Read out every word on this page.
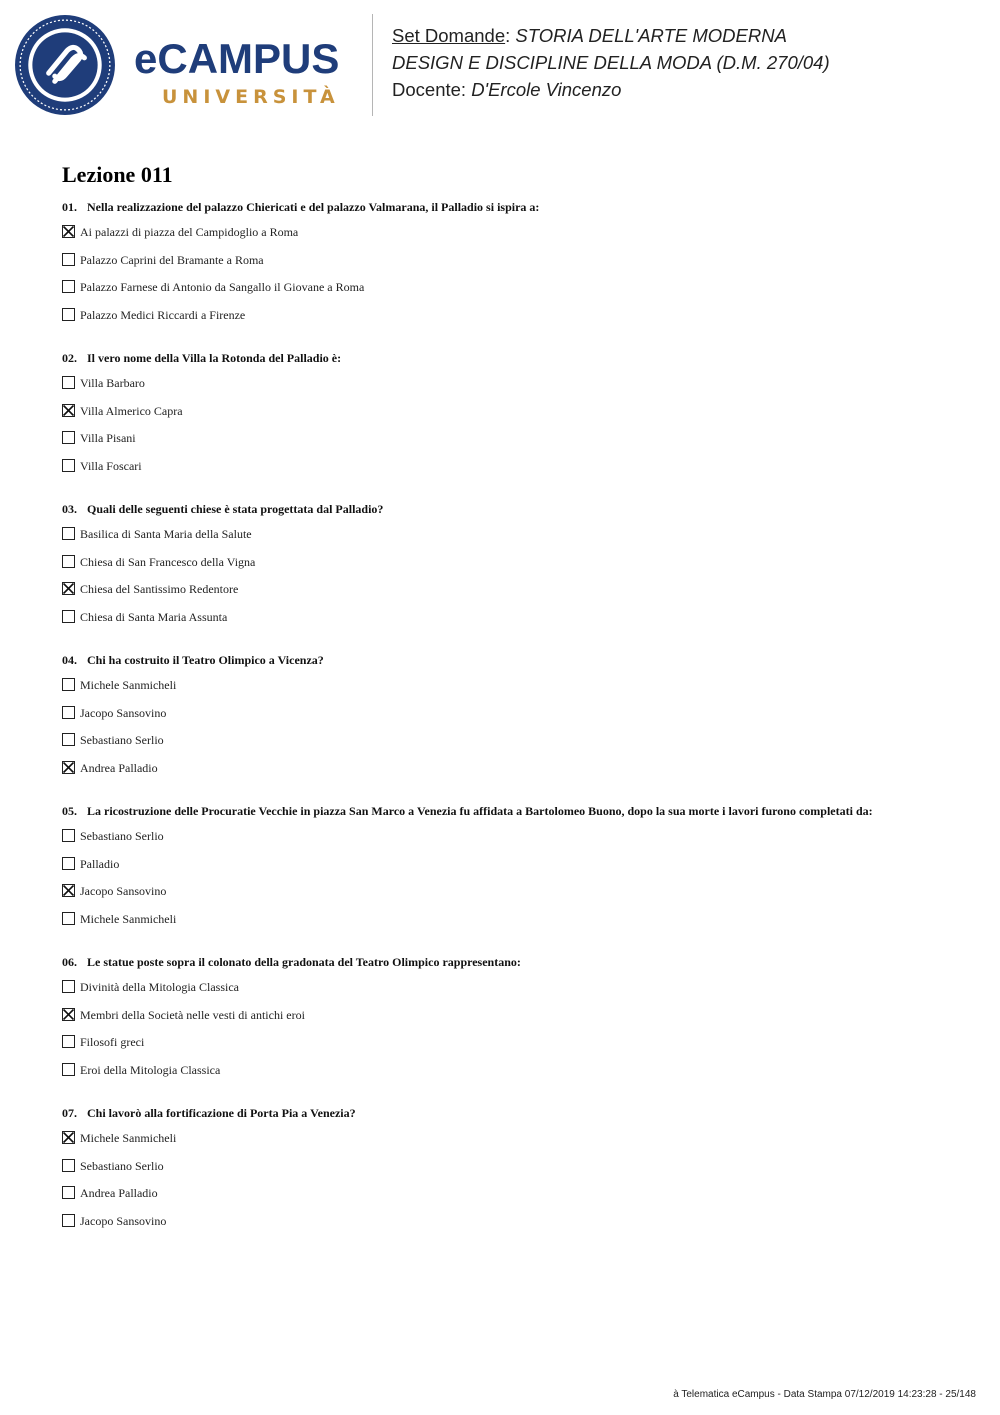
eCAMPUS
UNIVERSITÀ
Set Domande: STORIA DELL'ARTE MODERNA
DESIGN E DISCIPLINE DELLA MODA (D.M. 270/04)
Docente: D'Ercole Vincenzo
Lezione 011
01. Nella realizzazione del palazzo Chiericati e del palazzo Valmarana, il Palladio si ispira a:
Ai palazzi di piazza del Campidoglio a Roma
Palazzo Caprini del Bramante a Roma
Palazzo Farnese di Antonio da Sangallo il Giovane a Roma
Palazzo Medici Riccardi a Firenze
02. Il vero nome della Villa la Rotonda del Palladio è:
Villa Barbaro
Villa Almerico Capra
Villa Pisani
Villa Foscari
03. Quali delle seguenti chiese è stata progettata dal Palladio?
Basilica di Santa Maria della Salute
Chiesa di San Francesco della Vigna
Chiesa del Santissimo Redentore
Chiesa di Santa Maria Assunta
04. Chi ha costruito il Teatro Olimpico a Vicenza?
Michele Sanmicheli
Jacopo Sansovino
Sebastiano Serlio
Andrea Palladio
05. La ricostruzione delle Procuratie Vecchie in piazza San Marco a Venezia fu affidata a Bartolomeo Buono, dopo la sua morte i lavori furono completati da:
Sebastiano Serlio
Palladio
Jacopo Sansovino
Michele Sanmicheli
06. Le statue poste sopra il colonato della gradonata del Teatro Olimpico rappresentano:
Divinità della Mitologia Classica
Membri della Società nelle vesti di antichi eroi
Filosofi greci
Eroi della Mitologia Classica
07. Chi lavorò alla fortificazione di Porta Pia a Venezia?
Michele Sanmicheli
Sebastiano Serlio
Andrea Palladio
Jacopo Sansovino
à Telematica eCampus - Data Stampa 07/12/2019 14:23:28 - 25/148
